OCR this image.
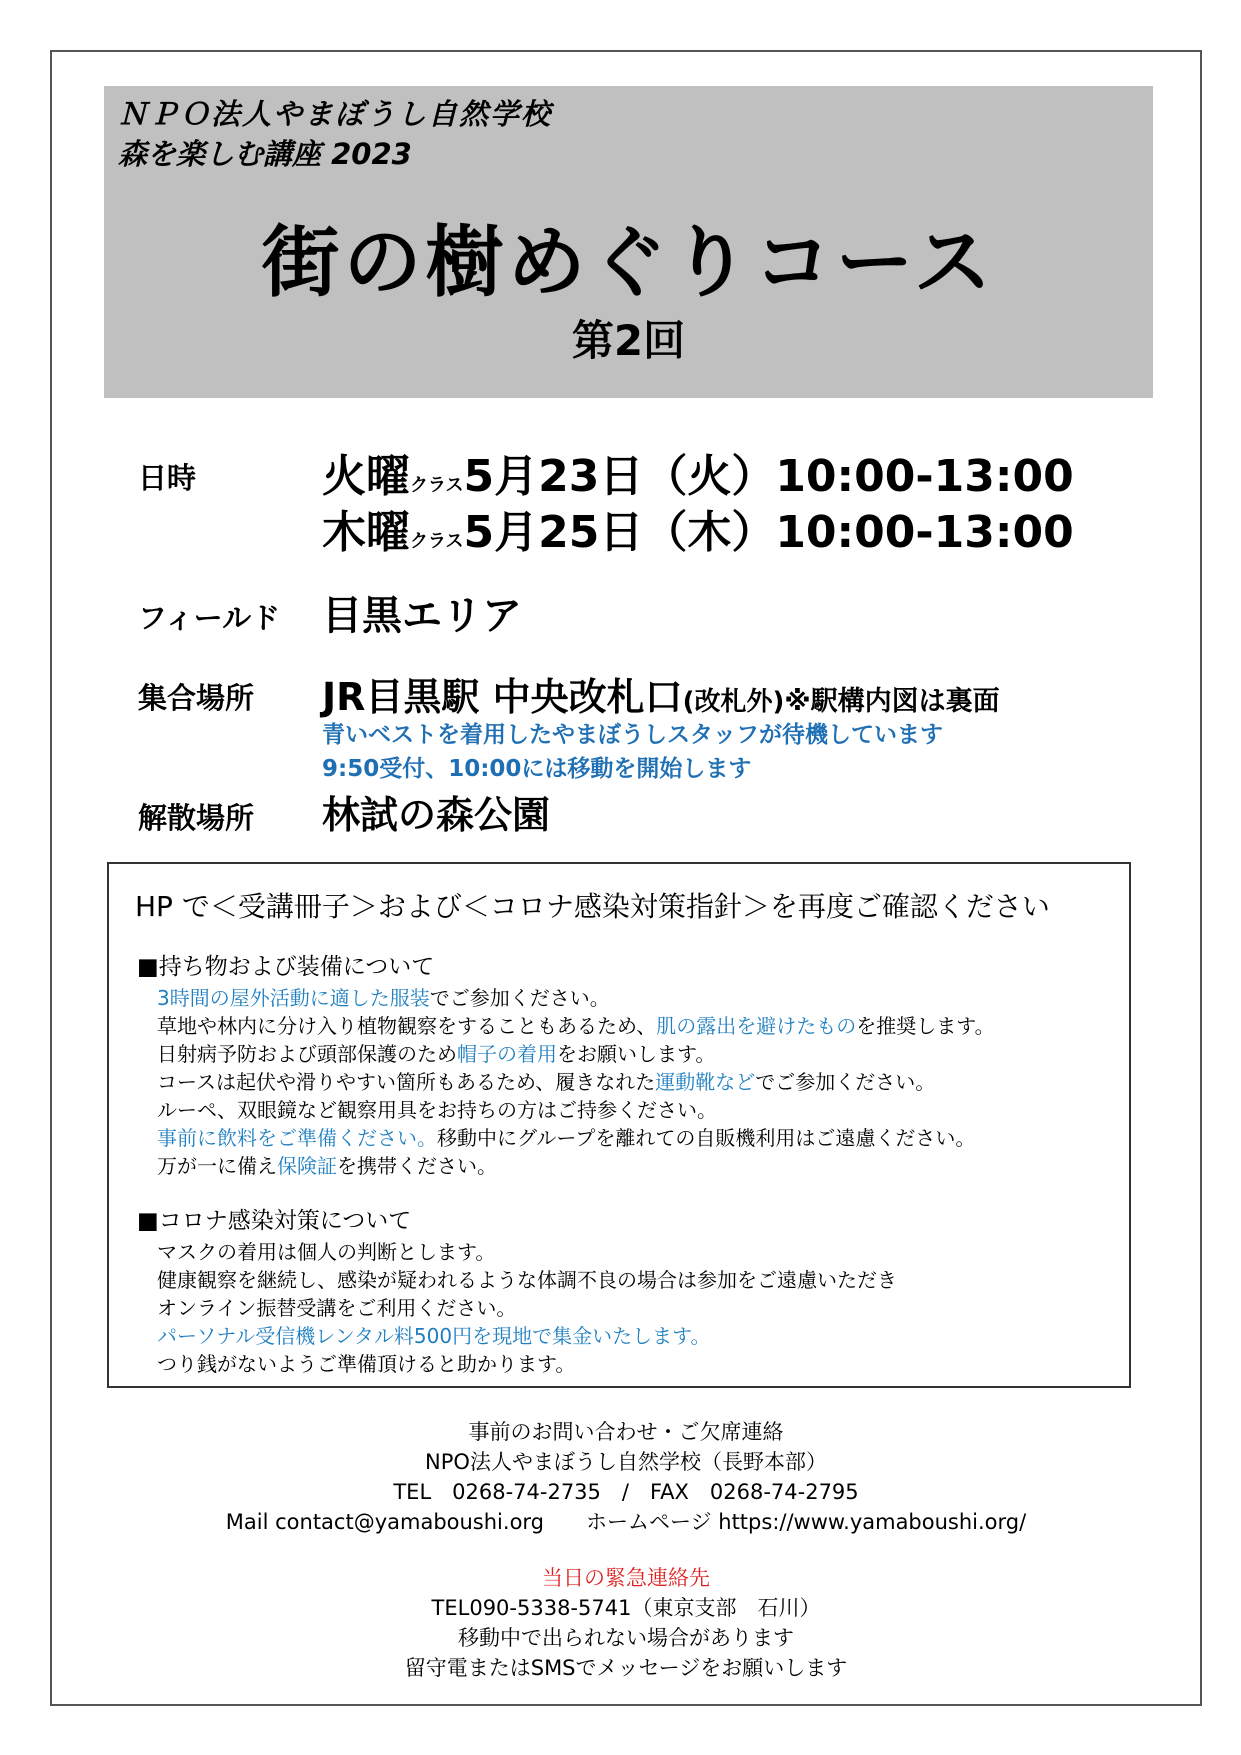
ＮＰＯ法人やまぼうし自然学校
森を楽しむ講座 2023
街の樹めぐりコース
第2回
日時	火曜クラス5月23日（火）10:00-13:00
木曜クラス5月25日（木）10:00-13:00
フィールド 目黒エリア
集合場所 JR目黒駅 中央改札口(改札外)※駅構内図は裏面
青いベストを着用したやまぼうしスタッフが待機しています
9:50受付、10:00には移動を開始します
解散場所 林試の森公園
HP で＜受講冊子＞および＜コロナ感染対策指針＞を再度ご確認ください
■持ち物および装備について
3時間の屋外活動に適した服装でご参加ください。
草地や林内に分け入り植物観察をすることもあるため、肌の露出を避けたものを推奨します。
日射病予防および頭部保護のため帽子の着用をお願いします。
コースは起伏や滑りやすい箇所もあるため、履きなれた運動靴などでご参加ください。
ルーペ、双眼鏡など観察用具をお持ちの方はご持参ください。
事前に飲料をご準備ください。移動中にグループを離れての自販機利用はご遠慮ください。
万が一に備え保険証を携帯ください。
■コロナ感染対策について
マスクの着用は個人の判断とします。
健康観察を継続し、感染が疑われるような体調不良の場合は参加をご遠慮いただき
オンライン振替受講をご利用ください。
パーソナル受信機レンタル料500円を現地で集金いたします。
つり銭がないようご準備頂けると助かります。
事前のお問い合わせ・ご欠席連絡
NPO法人やまぼうし自然学校（長野本部）
TEL　0268-74-2735　/　FAX　0268-74-2795
Mail contact@yamaboushi.org　　ホームページ https://www.yamaboushi.org/
当日の緊急連絡先
TEL090-5338-5741（東京支部　石川）
移動中で出られない場合があります
留守電またはSMSでメッセージをお願いします
